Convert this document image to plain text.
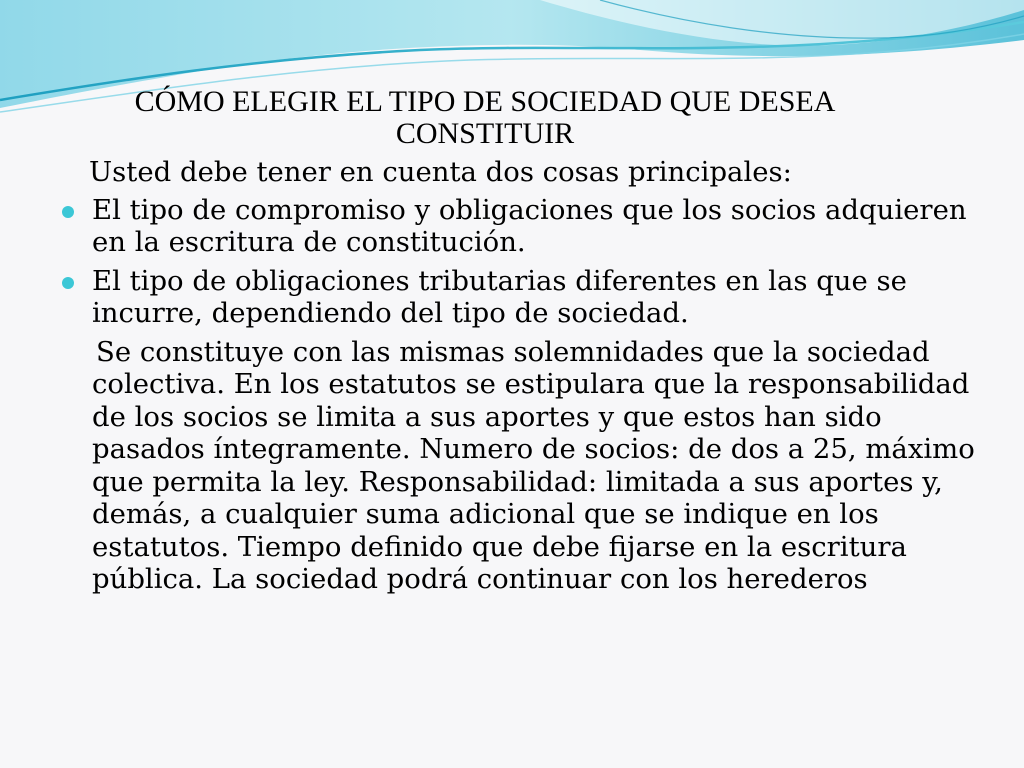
CÓMO ELEGIR EL TIPO DE SOCIEDAD QUE DESEA CONSTITUIR

Usted debe tener en cuenta dos cosas principales:

El tipo de compromiso y obligaciones que los socios adquieren en la escritura de constitución.
El tipo de obligaciones tributarias diferentes en las que se incurre, dependiendo del tipo de sociedad.

Se constituye con las mismas solemnidades que la sociedad colectiva. En los estatutos se estipulara que la responsabilidad de los socios se limita a sus aportes y que estos han sido pasados íntegramente. Numero de socios: de dos a 25, máximo que permita la ley. Responsabilidad: limitada a sus aportes y, demás, a cualquier suma adicional que se indique en los estatutos. Tiempo definido que debe fijarse en la escritura pública. La sociedad podrá continuar con los herederos
